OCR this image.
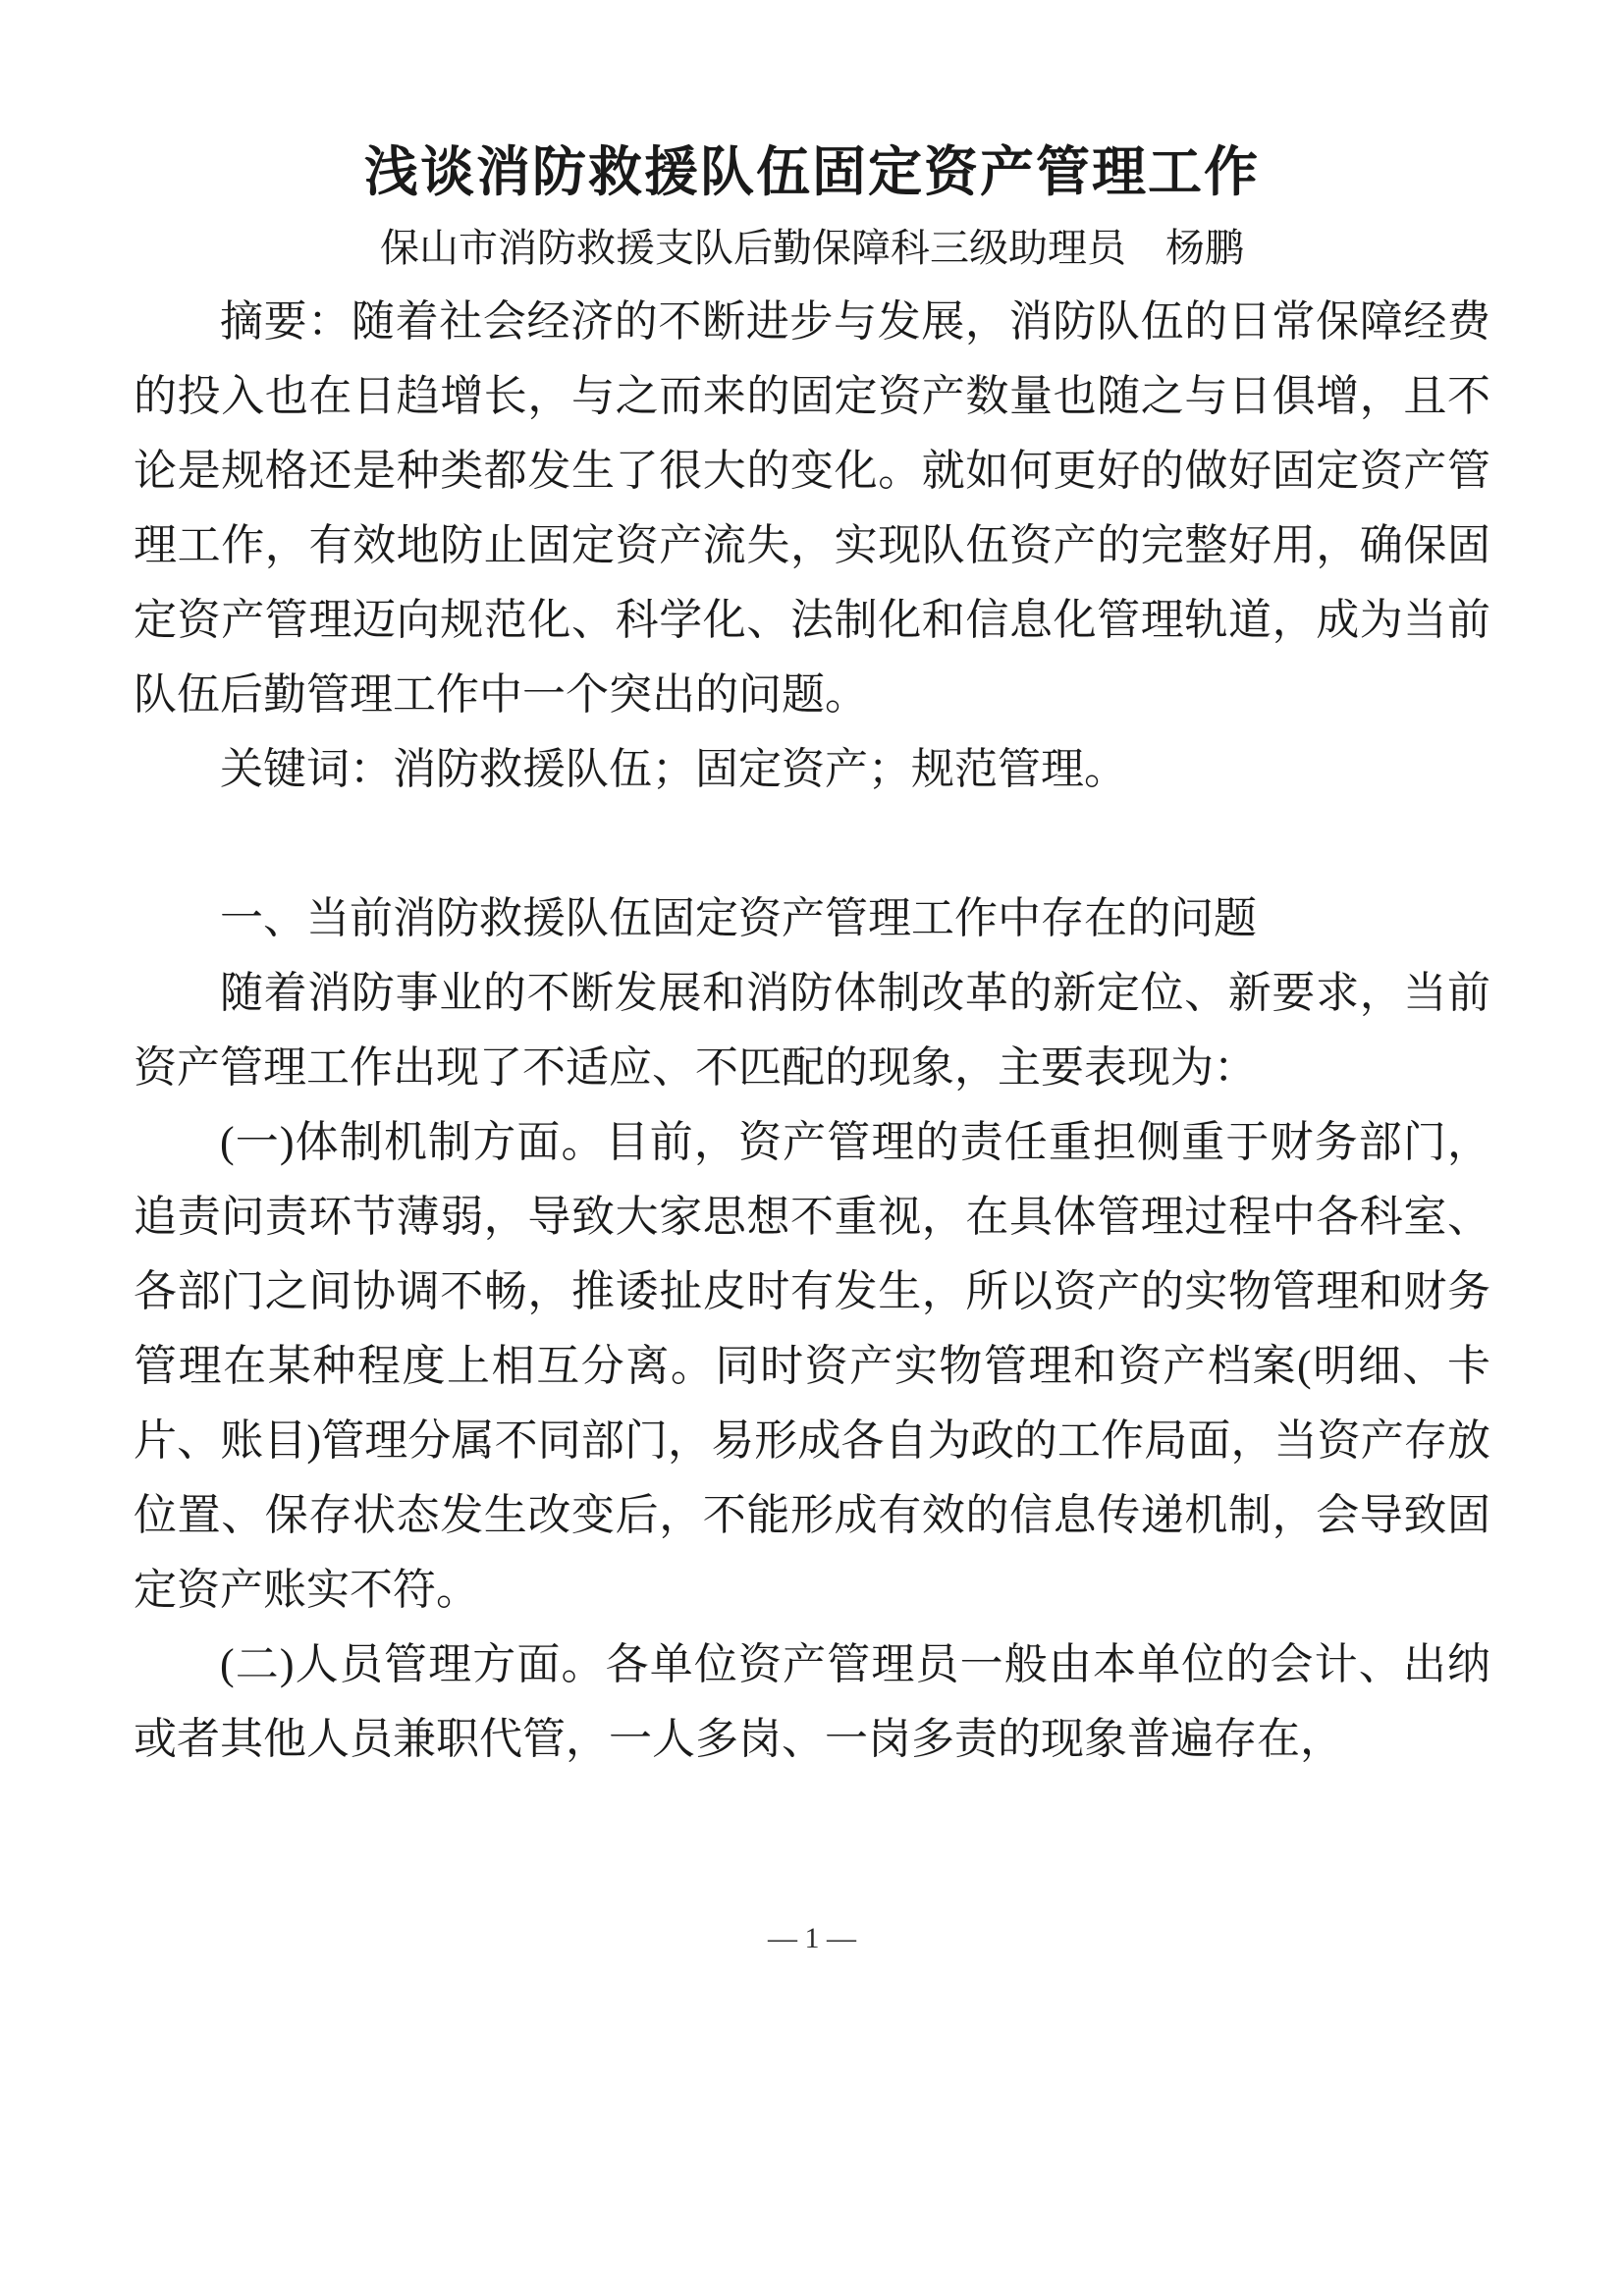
浅谈消防救援队伍固定资产管理工作
保山市消防救援支队后勤保障科三级助理员　杨鹏

摘要：随着社会经济的不断进步与发展，消防队伍的日常保障经费的投入也在日趋增长，与之而来的固定资产数量也随之与日俱增，且不论是规格还是种类都发生了很大的变化。就如何更好的做好固定资产管理工作，有效地防止固定资产流失，实现队伍资产的完整好用，确保固定资产管理迈向规范化、科学化、法制化和信息化管理轨道，成为当前队伍后勤管理工作中一个突出的问题。

关键词：消防救援队伍；固定资产；规范管理。

一、当前消防救援队伍固定资产管理工作中存在的问题

随着消防事业的不断发展和消防体制改革的新定位、新要求，当前资产管理工作出现了不适应、不匹配的现象，主要表现为：

(一)体制机制方面。目前，资产管理的责任重担侧重于财务部门，追责问责环节薄弱，导致大家思想不重视，在具体管理过程中各科室、各部门之间协调不畅，推诿扯皮时有发生，所以资产的实物管理和财务管理在某种程度上相互分离。同时资产实物管理和资产档案(明细、卡片、账目)管理分属不同部门，易形成各自为政的工作局面，当资产存放位置、保存状态发生改变后，不能形成有效的信息传递机制，会导致固定资产账实不符。

(二)人员管理方面。各单位资产管理员一般由本单位的会计、出纳或者其他人员兼职代管，一人多岗、一岗多责的现象普遍存在，

— 1 —
